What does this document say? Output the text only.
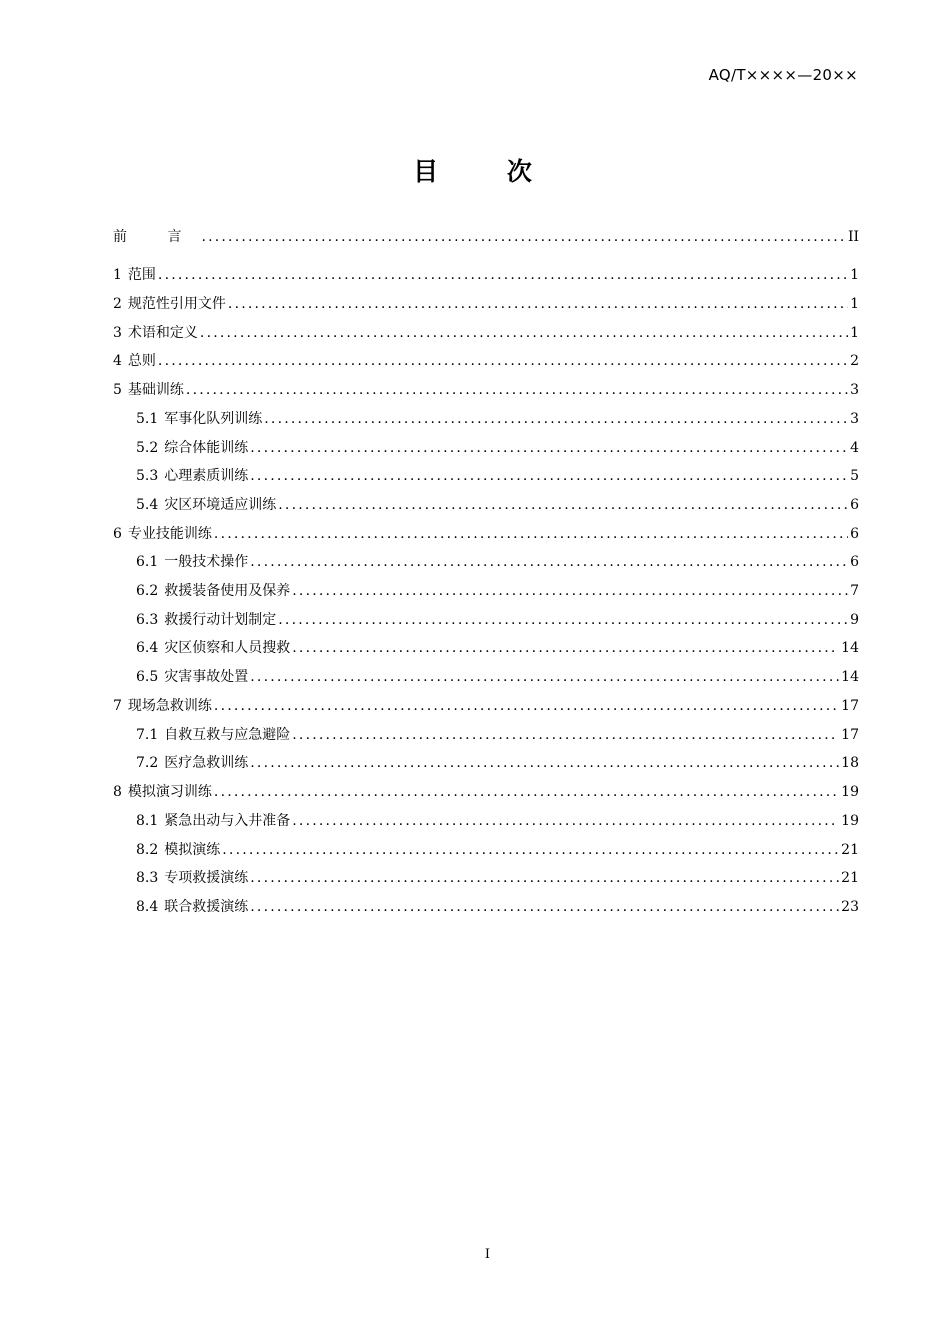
AQ/T××××—20××
目 次
前 言 .....	II
1 范围 .....	1
2 规范性引用文件 .....	1
3 术语和定义 .....	1
4 总则 .....	2
5 基础训练 .....	3
5.1 军事化队列训练 .....	3
5.2 综合体能训练 .....	4
5.3 心理素质训练 .....	5
5.4 灾区环境适应训练 .....	6
6 专业技能训练 .....	6
6.1 一般技术操作 .....	6
6.2 救援装备使用及保养 .....	7
6.3 救援行动计划制定 .....	9
6.4 灾区侦察和人员搜救 .....	14
6.5 灾害事故处置 .....	14
7 现场急救训练 .....	17
7.1 自救互救与应急避险 .....	17
7.2 医疗急救训练 .....	18
8 模拟演习训练 .....	19
8.1 紧急出动与入井准备 .....	19
8.2 模拟演练 .....	21
8.3 专项救援演练 .....	21
8.4 联合救援演练 .....	23
I
